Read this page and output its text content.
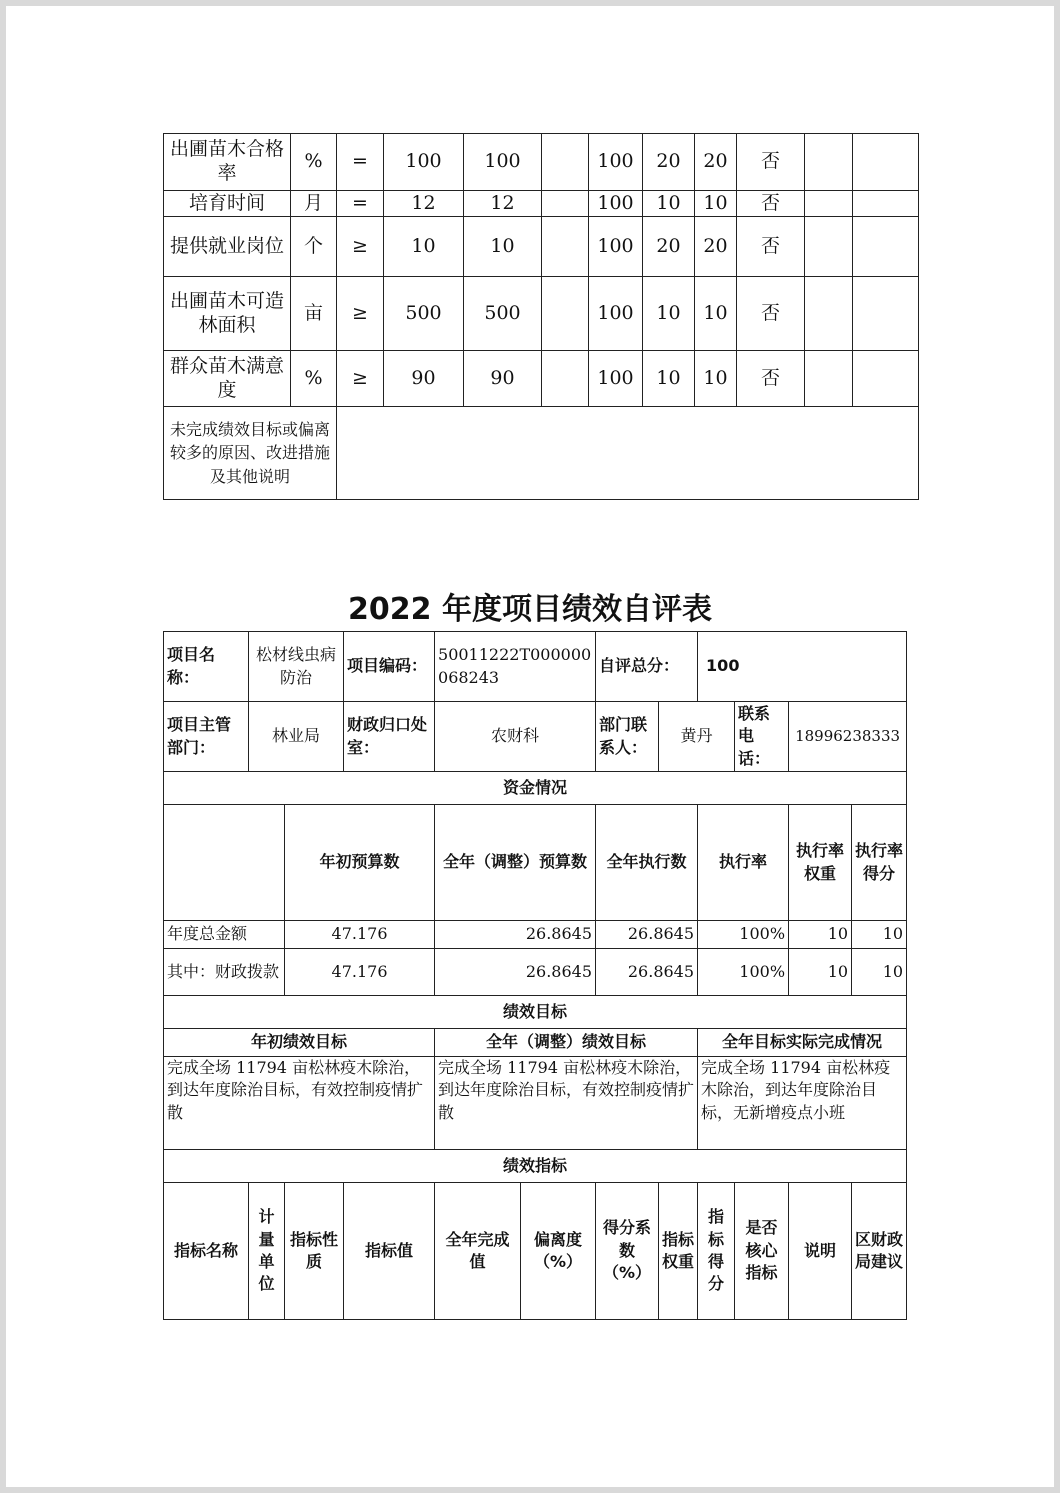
出圃苗木合格率	%	=	100	100		100	20	20	否		
培育时间	月	=	12	12		100	10	10	否		
提供就业岗位	个	≥	10	10		100	20	20	否		
出圃苗木可造林面积	亩	≥	500	500		100	10	10	否		
群众苗木满意度	%	≥	90	90		100	10	10	否		
未完成绩效目标或偏离较多的原因、改进措施及其他说明											
2022 年度项目绩效自评表
项目名称：	松材线虫病防治		项目编码：	50011222T000000068243		自评总分：		100			
项目主管部门：	林业局		财政归口处室：	农财科		部门联系人：	黄丹		联系电话：	18996238333	
资金情况											
		年初预算数		全年（调整）预算数		全年执行数		执行率		执行率权重	执行率得分
年度总金额		47.176		26.8645		26.8645		100%		10	10
其中：财政拨款		47.176		26.8645		26.8645		100%		10	10
绩效目标											
年初绩效目标				全年（调整）绩效目标				全年目标实际完成情况			
完成全场 11794 亩松林疫木除治，到达年度除治目标，有效控制疫情扩散				完成全场 11794 亩松林疫木除治，到达年度除治目标，有效控制疫情扩散				完成全场 11794 亩松林疫木除治，到达年度除治目标，无新增疫点小班			
绩效指标											
指标名称	计量单位	指标性质	指标值	全年完成值	偏离度（%）	得分系数（%）	指标权重	指标得分	是否核心指标	说明	区财政局建议
